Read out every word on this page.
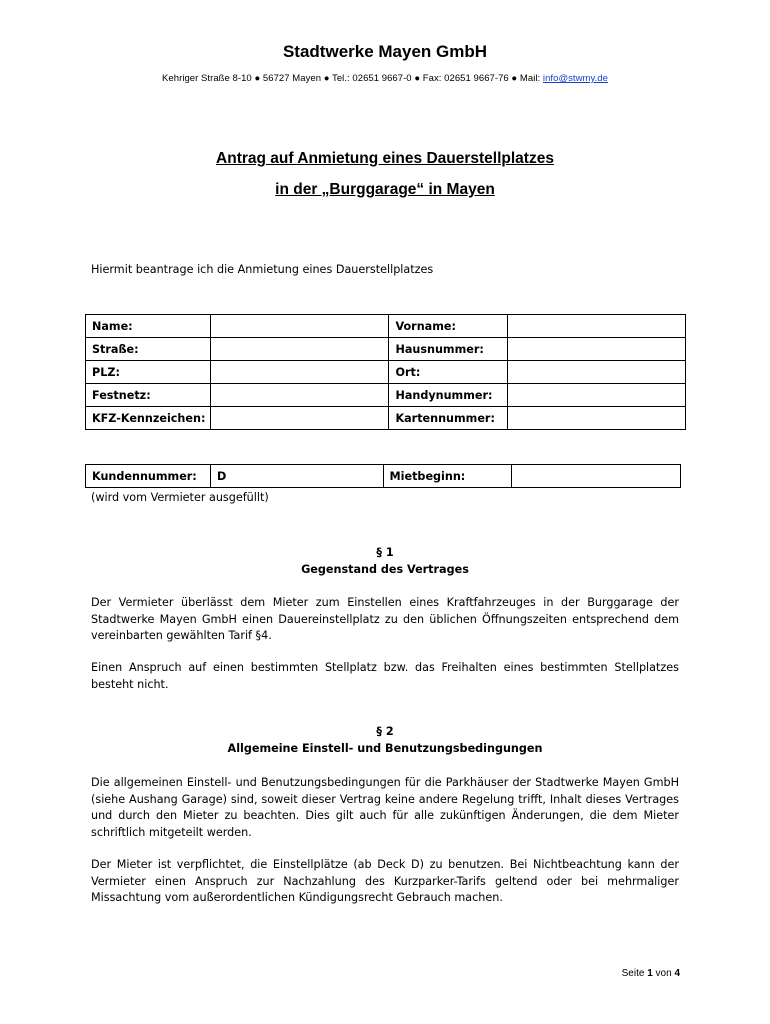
Stadtwerke Mayen GmbH
Kehriger Straße 8-10 ● 56727 Mayen ● Tel.: 02651 9667-0 ● Fax: 02651 9667-76 ● Mail: info@stwmy.de
Antrag auf Anmietung eines Dauerstellplatzes
in der „Burggarage“ in Mayen
Hiermit beantrage ich die Anmietung eines Dauerstellplatzes
Name:		Vorname:	
Straße:		Hausnummer:	
PLZ:		Ort:	
Festnetz:		Handynummer:	
KFZ-Kennzeichen:		Kartennummer:	
Kundennummer:	D	Mietbeginn:	
(wird vom Vermieter ausgefüllt)
§ 1
Gegenstand des Vertrages
Der Vermieter überlässt dem Mieter zum Einstellen eines Kraftfahrzeuges in der Burggarage der Stadtwerke Mayen GmbH einen Dauereinstellplatz zu den üblichen Öffnungszeiten entsprechend dem vereinbarten gewählten Tarif §4.
Einen Anspruch auf einen bestimmten Stellplatz bzw. das Freihalten eines bestimmten Stellplatzes besteht nicht.
§ 2
Allgemeine Einstell- und Benutzungsbedingungen
Die allgemeinen Einstell- und Benutzungsbedingungen für die Parkhäuser der Stadtwerke Mayen GmbH (siehe Aushang Garage) sind, soweit dieser Vertrag keine andere Regelung trifft, Inhalt dieses Vertrages und durch den Mieter zu beachten. Dies gilt auch für alle zukünftigen Änderungen, die dem Mieter schriftlich mitgeteilt werden.
Der Mieter ist verpflichtet, die Einstellplätze (ab Deck D) zu benutzen. Bei Nichtbeachtung kann der Vermieter einen Anspruch zur Nachzahlung des Kurzparker-Tarifs geltend oder bei mehrmaliger Missachtung vom außerordentlichen Kündigungsrecht Gebrauch machen.
Seite 1 von 4
